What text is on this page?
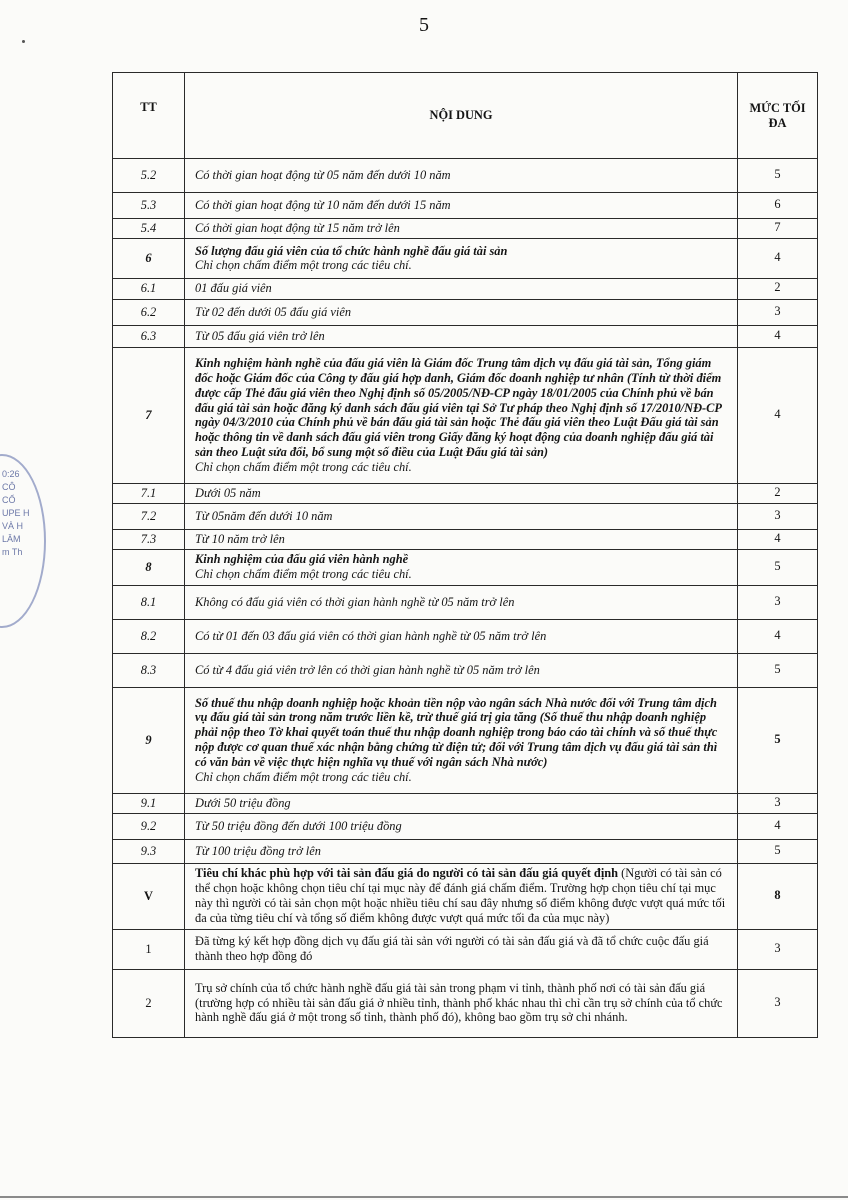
5
0:26
CÔ
CỔ
UPE H
VÀ H
LÂM
m Th
TT	NỘI DUNG	MỨC TỐI ĐA
5.2	Có thời gian hoạt động từ 05 năm đến dưới 10 năm	5
5.3	Có thời gian hoạt động từ 10 năm đến dưới 15 năm	6
5.4	Có thời gian hoạt động từ 15 năm trở lên	7
6	Số lượng đấu giá viên của tổ chức hành nghề đấu giá tài sản
Chỉ chọn chấm điểm một trong các tiêu chí.	4
6.1	01 đấu giá viên	2
6.2	Từ 02 đến dưới 05 đấu giá viên	3
6.3	Từ 05 đấu giá viên trở lên	4
7	Kinh nghiệm hành nghề của đấu giá viên là Giám đốc Trung tâm dịch vụ đấu giá tài sản, Tổng giám đốc hoặc Giám đốc của Công ty đấu giá hợp danh, Giám đốc doanh nghiệp tư nhân (Tính từ thời điểm được cấp Thẻ đấu giá viên theo Nghị định số 05/2005/NĐ-CP ngày 18/01/2005 của Chính phủ về bán đấu giá tài sản hoặc đăng ký danh sách đấu giá viên tại Sở Tư pháp theo Nghị định số 17/2010/NĐ-CP ngày 04/3/2010 của Chính phủ về bán đấu giá tài sản hoặc Thẻ đấu giá viên theo Luật Đấu giá tài sản hoặc thông tin về danh sách đấu giá viên trong Giấy đăng ký hoạt động của doanh nghiệp đấu giá tài sản theo Luật sửa đổi, bổ sung một số điều của Luật Đấu giá tài sản)
Chỉ chọn chấm điểm một trong các tiêu chí.	4
7.1	Dưới 05 năm	2
7.2	Từ 05năm đến dưới 10 năm	3
7.3	Từ 10 năm trở lên	4
8	Kinh nghiệm của đấu giá viên hành nghề
Chỉ chọn chấm điểm một trong các tiêu chí.	5
8.1	Không có đấu giá viên có thời gian hành nghề từ 05 năm trở lên	3
8.2	Có từ 01 đến 03 đấu giá viên có thời gian hành nghề từ 05 năm trở lên	4
8.3	Có từ 4 đấu giá viên trở lên có thời gian hành nghề từ 05 năm trở lên	5
9	Số thuế thu nhập doanh nghiệp hoặc khoản tiền nộp vào ngân sách Nhà nước đối với Trung tâm dịch vụ đấu giá tài sản trong năm trước liền kề, trừ thuế giá trị gia tăng (Số thuế thu nhập doanh nghiệp phải nộp theo Tờ khai quyết toán thuế thu nhập doanh nghiệp trong báo cáo tài chính và số thuế thực nộp được cơ quan thuế xác nhận bằng chứng từ điện tử; đối với Trung tâm dịch vụ đấu giá tài sản thì có văn bản về việc thực hiện nghĩa vụ thuế với ngân sách Nhà nước)
Chỉ chọn chấm điểm một trong các tiêu chí.	5
9.1	Dưới 50 triệu đồng	3
9.2	Từ 50 triệu đồng đến dưới 100 triệu đồng	4
9.3	Từ 100 triệu đồng trở lên	5
V	Tiêu chí khác phù hợp với tài sản đấu giá do người có tài sản đấu giá quyết định (Người có tài sản có thể chọn hoặc không chọn tiêu chí tại mục này để đánh giá chấm điểm. Trường hợp chọn tiêu chí tại mục này thì người có tài sản chọn một hoặc nhiều tiêu chí sau đây nhưng số điểm không được vượt quá mức tối đa của từng tiêu chí và tổng số điểm không được vượt quá mức tối đa của mục này)	8
1	Đã từng ký kết hợp đồng dịch vụ đấu giá tài sản với người có tài sản đấu giá và đã tổ chức cuộc đấu giá thành theo hợp đồng đó	3
2	Trụ sở chính của tổ chức hành nghề đấu giá tài sản trong phạm vi tỉnh, thành phố nơi có tài sản đấu giá (trường hợp có nhiều tài sản đấu giá ở nhiều tỉnh, thành phố khác nhau thì chỉ cần trụ sở chính của tổ chức hành nghề đấu giá ở một trong số tỉnh, thành phố đó), không bao gồm trụ sở chi nhánh.	3
